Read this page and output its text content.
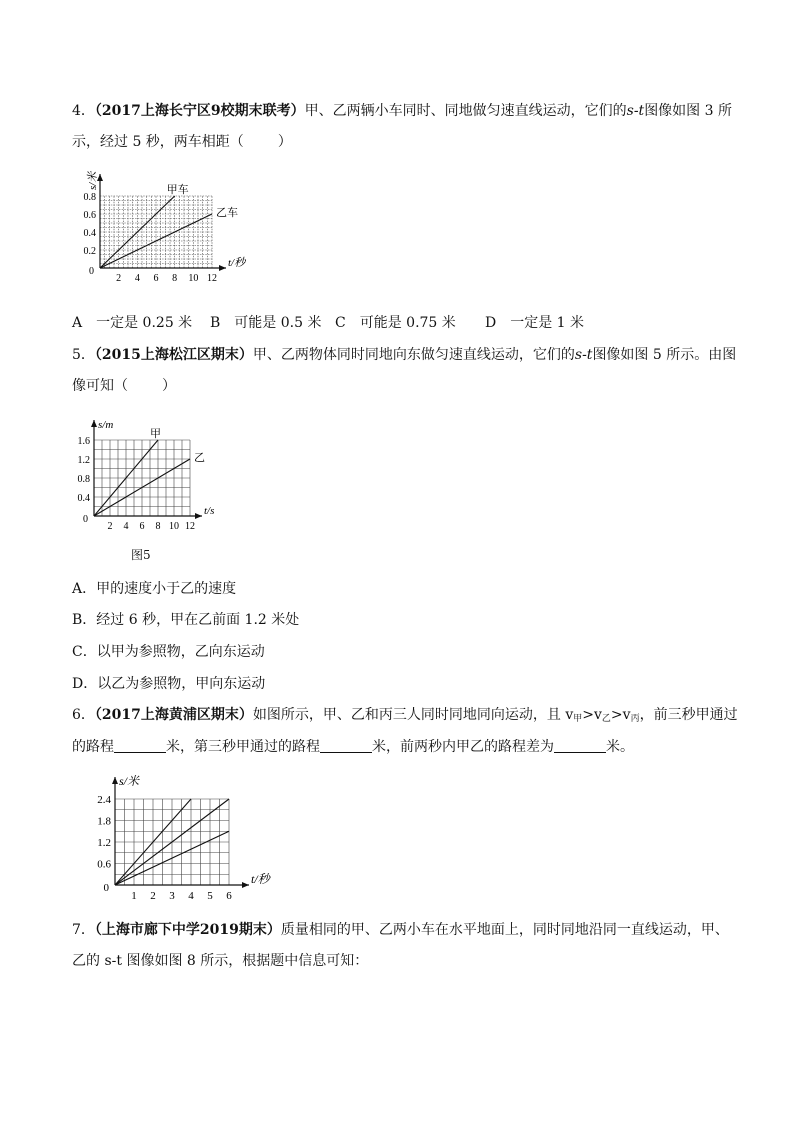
4．（2017上海长宁区9校期末联考）甲、乙两辆小车同时、同地做匀速直线运动，它们的s-t图像如图 3 所
示，经过 5 秒，两车相距（ ）
0.2
0.4
0.6
0.8
2 4 6 8 10 12
0
s/米
t/秒
甲车
乙车
A　一定是 0.25 米 B　可能是 0.5 米 C　可能是 0.75 米 D　一定是 1 米
5．（2015上海松江区期末）甲、乙两物体同时同地向东做匀速直线运动，它们的s-t图像如图 5 所示。由图
像可知（ ）
0.4
0.8
1.2
1.6
2 4 6 8 10 12
0
s/m
t/s
甲
乙
图5
A．甲的速度小于乙的速度
B．经过 6 秒，甲在乙前面 1.2 米处
C．以甲为参照物，乙向东运动
D．以乙为参照物，甲向东运动
6．（2017上海黄浦区期末）如图所示，甲、乙和丙三人同时同地同向运动，且 $v_甲>v_乙>v_丙$，前三秒甲通过
的路程	米，第三秒甲通过的路程	米，前两秒内甲乙的路程差为	米。
0.6
1.2
1.8
2.4
1 2 3 4 5 6
0
s/米
t/秒
7．（上海市廊下中学2019期末）质量相同的甲、乙两小车在水平地面上，同时同地沿同一直线运动，甲、
乙的 s-t 图像如图 8 所示，根据题中信息可知：
